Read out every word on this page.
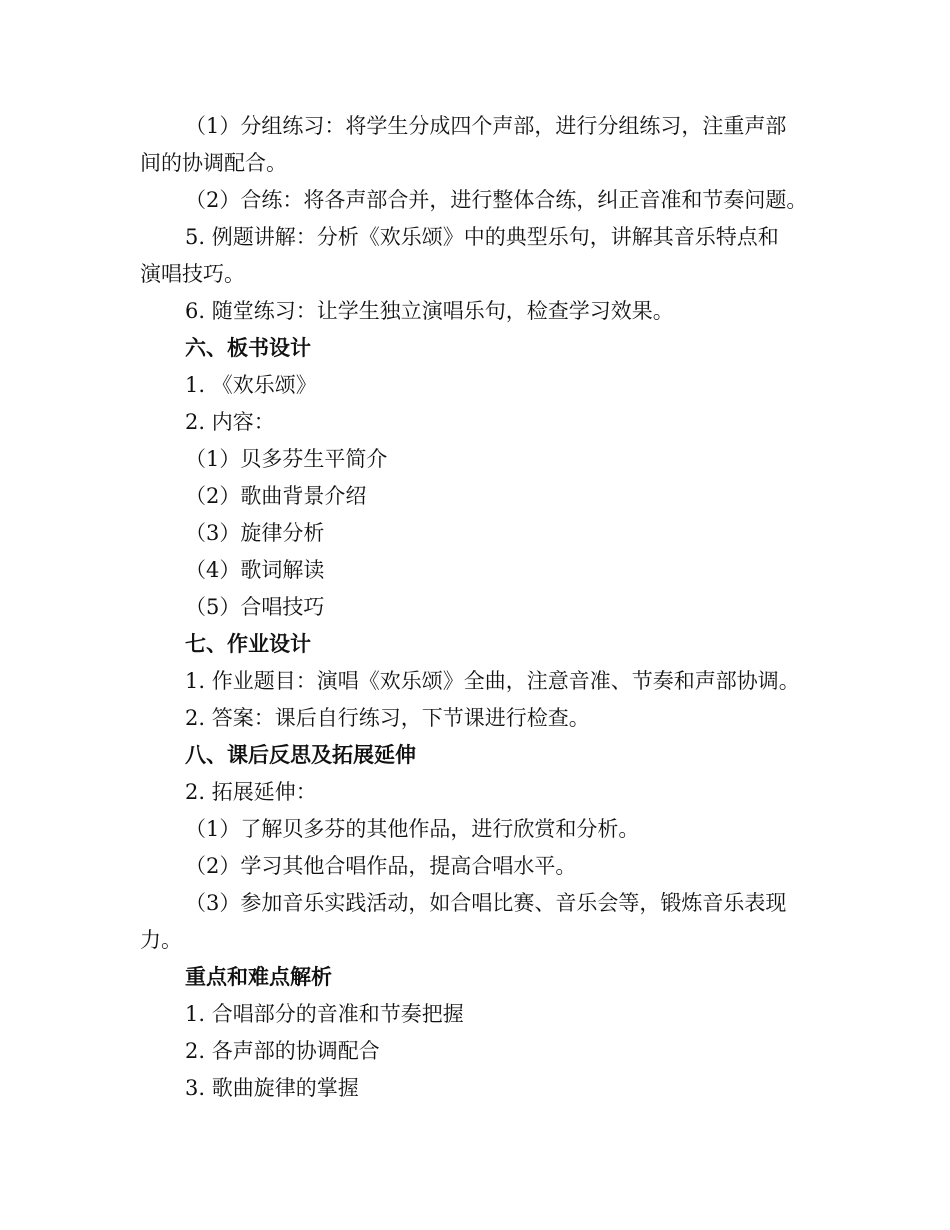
（1）分组练习：将学生分成四个声部，进行分组练习，注重声部
间的协调配合。
（2）合练：将各声部合并，进行整体合练，纠正音准和节奏问题。
5. 例题讲解：分析《欢乐颂》中的典型乐句，讲解其音乐特点和
演唱技巧。
6. 随堂练习：让学生独立演唱乐句，检查学习效果。
六、板书设计
1. 《欢乐颂》
2. 内容：
（1）贝多芬生平简介
（2）歌曲背景介绍
（3）旋律分析
（4）歌词解读
（5）合唱技巧
七、作业设计
1. 作业题目：演唱《欢乐颂》全曲，注意音准、节奏和声部协调。
2. 答案：课后自行练习，下节课进行检查。
八、课后反思及拓展延伸
2. 拓展延伸：
（1）了解贝多芬的其他作品，进行欣赏和分析。
（2）学习其他合唱作品，提高合唱水平。
（3）参加音乐实践活动，如合唱比赛、音乐会等，锻炼音乐表现
力。
重点和难点解析
1. 合唱部分的音准和节奏把握
2. 各声部的协调配合
3. 歌曲旋律的掌握
